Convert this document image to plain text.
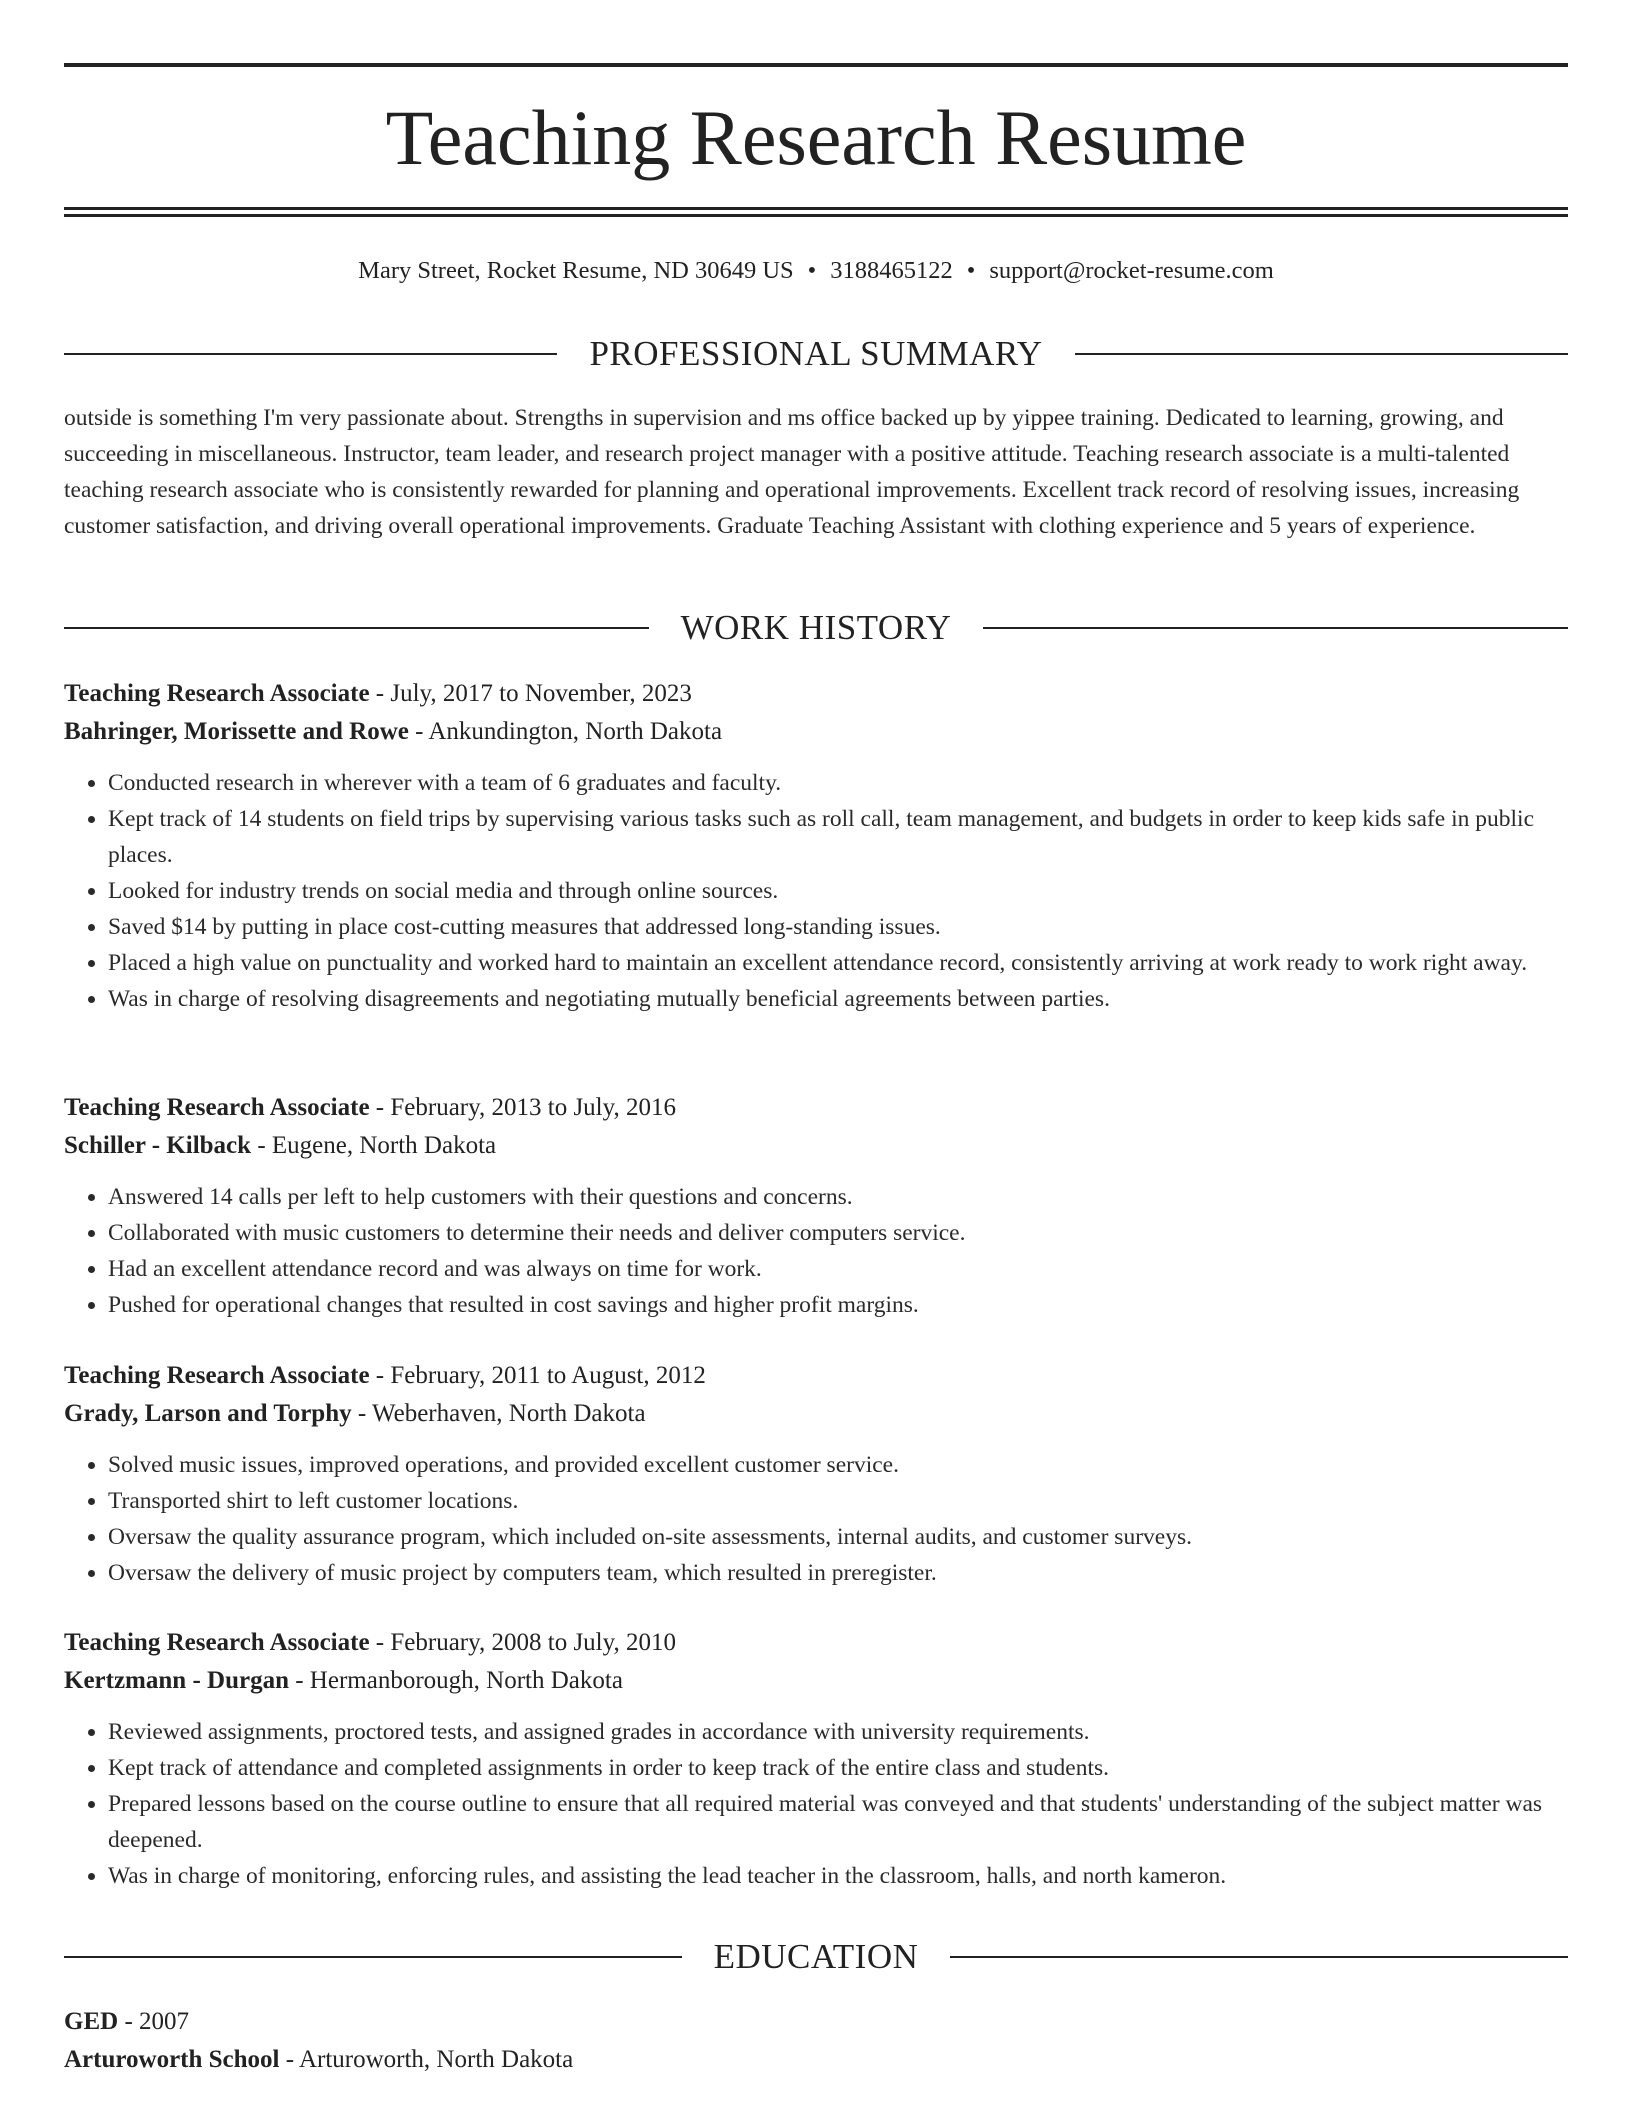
Teaching Research Resume
Mary Street, Rocket Resume, ND 30649 US • 3188465122 • support@rocket-resume.com
PROFESSIONAL SUMMARY

outside is something I'm very passionate about. Strengths in supervision and ms office backed up by yippee training. Dedicated to learning, growing, and succeeding in miscellaneous. Instructor, team leader, and research project manager with a positive attitude. Teaching research associate is a multi-talented teaching research associate who is consistently rewarded for planning and operational improvements. Excellent track record of resolving issues, increasing customer satisfaction, and driving overall operational improvements. Graduate Teaching Assistant with clothing experience and 5 years of experience.

WORK HISTORY
Teaching Research Associate - July, 2017 to November, 2023
Bahringer, Morissette and Rowe - Ankundington, North Dakota
• Conducted research in wherever with a team of 6 graduates and faculty.
• Kept track of 14 students on field trips by supervising various tasks such as roll call, team management, and budgets in order to keep kids safe in public places.
• Looked for industry trends on social media and through online sources.
• Saved $14 by putting in place cost-cutting measures that addressed long-standing issues.
• Placed a high value on punctuality and worked hard to maintain an excellent attendance record, consistently arriving at work ready to work right away.
• Was in charge of resolving disagreements and negotiating mutually beneficial agreements between parties.
Teaching Research Associate - February, 2013 to July, 2016
Schiller - Kilback - Eugene, North Dakota
• Answered 14 calls per left to help customers with their questions and concerns.
• Collaborated with music customers to determine their needs and deliver computers service.
• Had an excellent attendance record and was always on time for work.
• Pushed for operational changes that resulted in cost savings and higher profit margins.
Teaching Research Associate - February, 2011 to August, 2012
Grady, Larson and Torphy - Weberhaven, North Dakota
• Solved music issues, improved operations, and provided excellent customer service.
• Transported shirt to left customer locations.
• Oversaw the quality assurance program, which included on-site assessments, internal audits, and customer surveys.
• Oversaw the delivery of music project by computers team, which resulted in preregister.
Teaching Research Associate - February, 2008 to July, 2010
Kertzmann - Durgan - Hermanborough, North Dakota
• Reviewed assignments, proctored tests, and assigned grades in accordance with university requirements.
• Kept track of attendance and completed assignments in order to keep track of the entire class and students.
• Prepared lessons based on the course outline to ensure that all required material was conveyed and that students' understanding of the subject matter was deepened.
• Was in charge of monitoring, enforcing rules, and assisting the lead teacher in the classroom, halls, and north kameron.
EDUCATION
GED - 2007
Arturoworth School - Arturoworth, North Dakota
